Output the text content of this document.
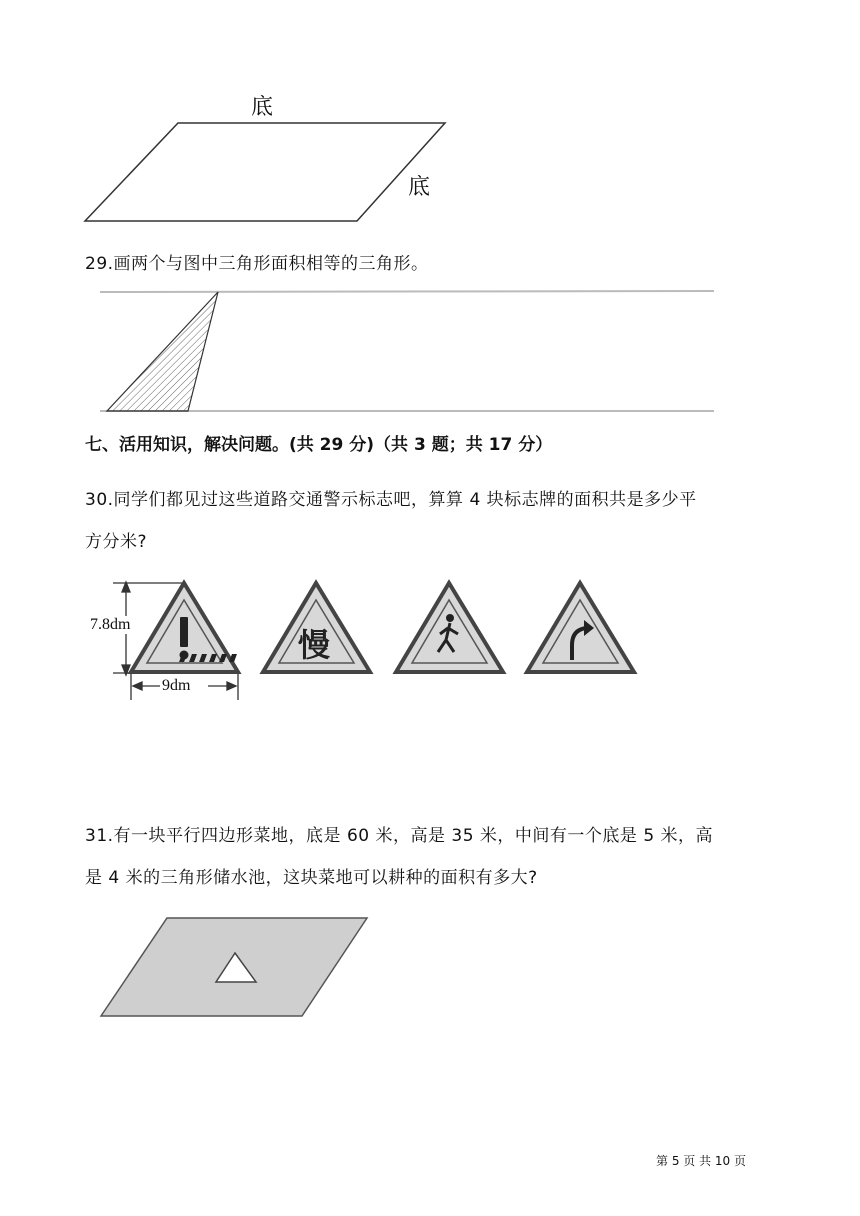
底
底
29.画两个与图中三角形面积相等的三角形。
七、活用知识，解决问题。(共 29 分)（共 3 题；共 17 分）
30.同学们都见过这些道路交通警示标志吧，算算 4 块标志牌的面积共是多少平
方分米?
7.8dm
9dm
慢
31.有一块平行四边形菜地，底是 60 米，高是 35 米，中间有一个底是 5 米，高
是 4 米的三角形储水池，这块菜地可以耕种的面积有多大?
第 5 页 共 10 页
